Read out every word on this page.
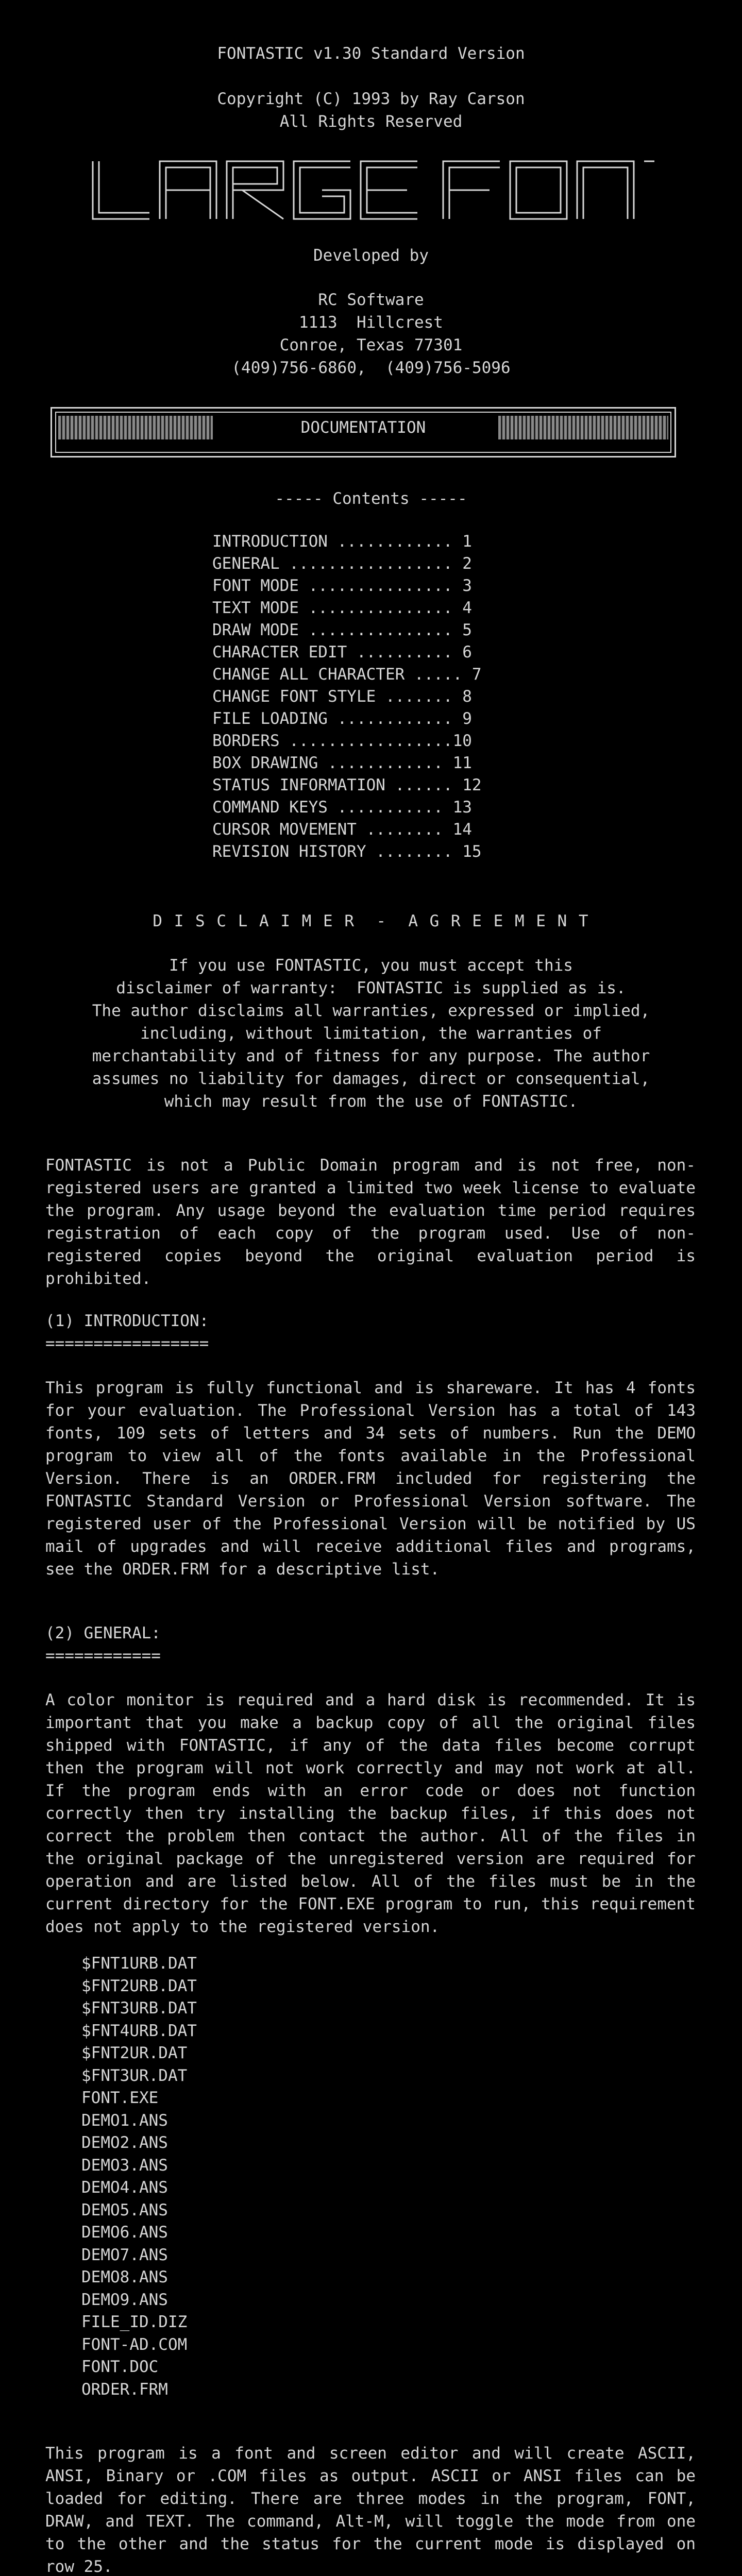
FONTASTIC v1.30 Standard Version
Copyright (C) 1993 by Ray Carson
All Rights Reserved
Developed by
RC Software
1113  Hillcrest
Conroe, Texas 77301
(409)756-6860,  (409)756-5096
DOCUMENTATION
----- Contents -----
INTRODUCTION ............ 1
GENERAL ................. 2
FONT MODE ............... 3
TEXT MODE ............... 4
DRAW MODE ............... 5
CHARACTER EDIT .......... 6
CHANGE ALL CHARACTER ..... 7
CHANGE FONT STYLE ....... 8
FILE LOADING ............ 9
BORDERS .................10
BOX DRAWING ............ 11
STATUS INFORMATION ...... 12
COMMAND KEYS ........... 13
CURSOR MOVEMENT ........ 14
REVISION HISTORY ........ 15
D I S C L A I M E R  -  A G R E E M E N T
If you use FONTASTIC, you must accept this
disclaimer of warranty:  FONTASTIC is supplied as is.
The author disclaims all warranties, expressed or implied,
including, without limitation, the warranties of
merchantability and of fitness for any purpose. The author
assumes no liability for damages, direct or consequential,
which may result from the use of FONTASTIC.
FONTASTIC is not a Public Domain program and is not free, non-registered users are granted a limited two week license to evaluate the program. Any usage beyond the evaluation time period requires registration of each copy of the program used. Use of non-registered copies beyond the original evaluation period is prohibited.
(1) INTRODUCTION:
=================
This program is fully functional and is shareware. It has 4 fonts for your evaluation. The Professional Version has a total of 143 fonts, 109 sets of letters and 34 sets of numbers. Run the DEMO program to view all of the fonts available in the Professional Version. There is an ORDER.FRM included for registering the FONTASTIC Standard Version or Professional Version software. The registered user of the Professional Version will be notified by US mail of upgrades and will receive additional files and programs, see the ORDER.FRM for a descriptive list.
(2) GENERAL:
============
A color monitor is required and a hard disk is recommended. It is important that you make a backup copy of all the original files shipped with FONTASTIC, if any of the data files become corrupt then the program will not work correctly and may not work at all. If the program ends with an error code or does not function correctly then try installing the backup files, if this does not correct the problem then contact the author. All of the files in the original package of the unregistered version are required for operation and are listed below. All of the files must be in the current directory for the FONT.EXE program to run, this requirement does not apply to the registered version.
$FNT1URB.DAT
$FNT2URB.DAT
$FNT3URB.DAT
$FNT4URB.DAT
$FNT2UR.DAT
$FNT3UR.DAT
FONT.EXE
DEMO1.ANS
DEMO2.ANS
DEMO3.ANS
DEMO4.ANS
DEMO5.ANS
DEMO6.ANS
DEMO7.ANS
DEMO8.ANS
DEMO9.ANS
FILE_ID.DIZ
FONT-AD.COM
FONT.DOC
ORDER.FRM
This program is a font and screen editor and will create ASCII, ANSI, Binary or .COM files as output. ASCII or ANSI files can be loaded for editing. There are three modes in the program, FONT, DRAW, and TEXT. The command, Alt-M, will toggle the mode from one to the other and the status for the current mode is displayed on row 25.
